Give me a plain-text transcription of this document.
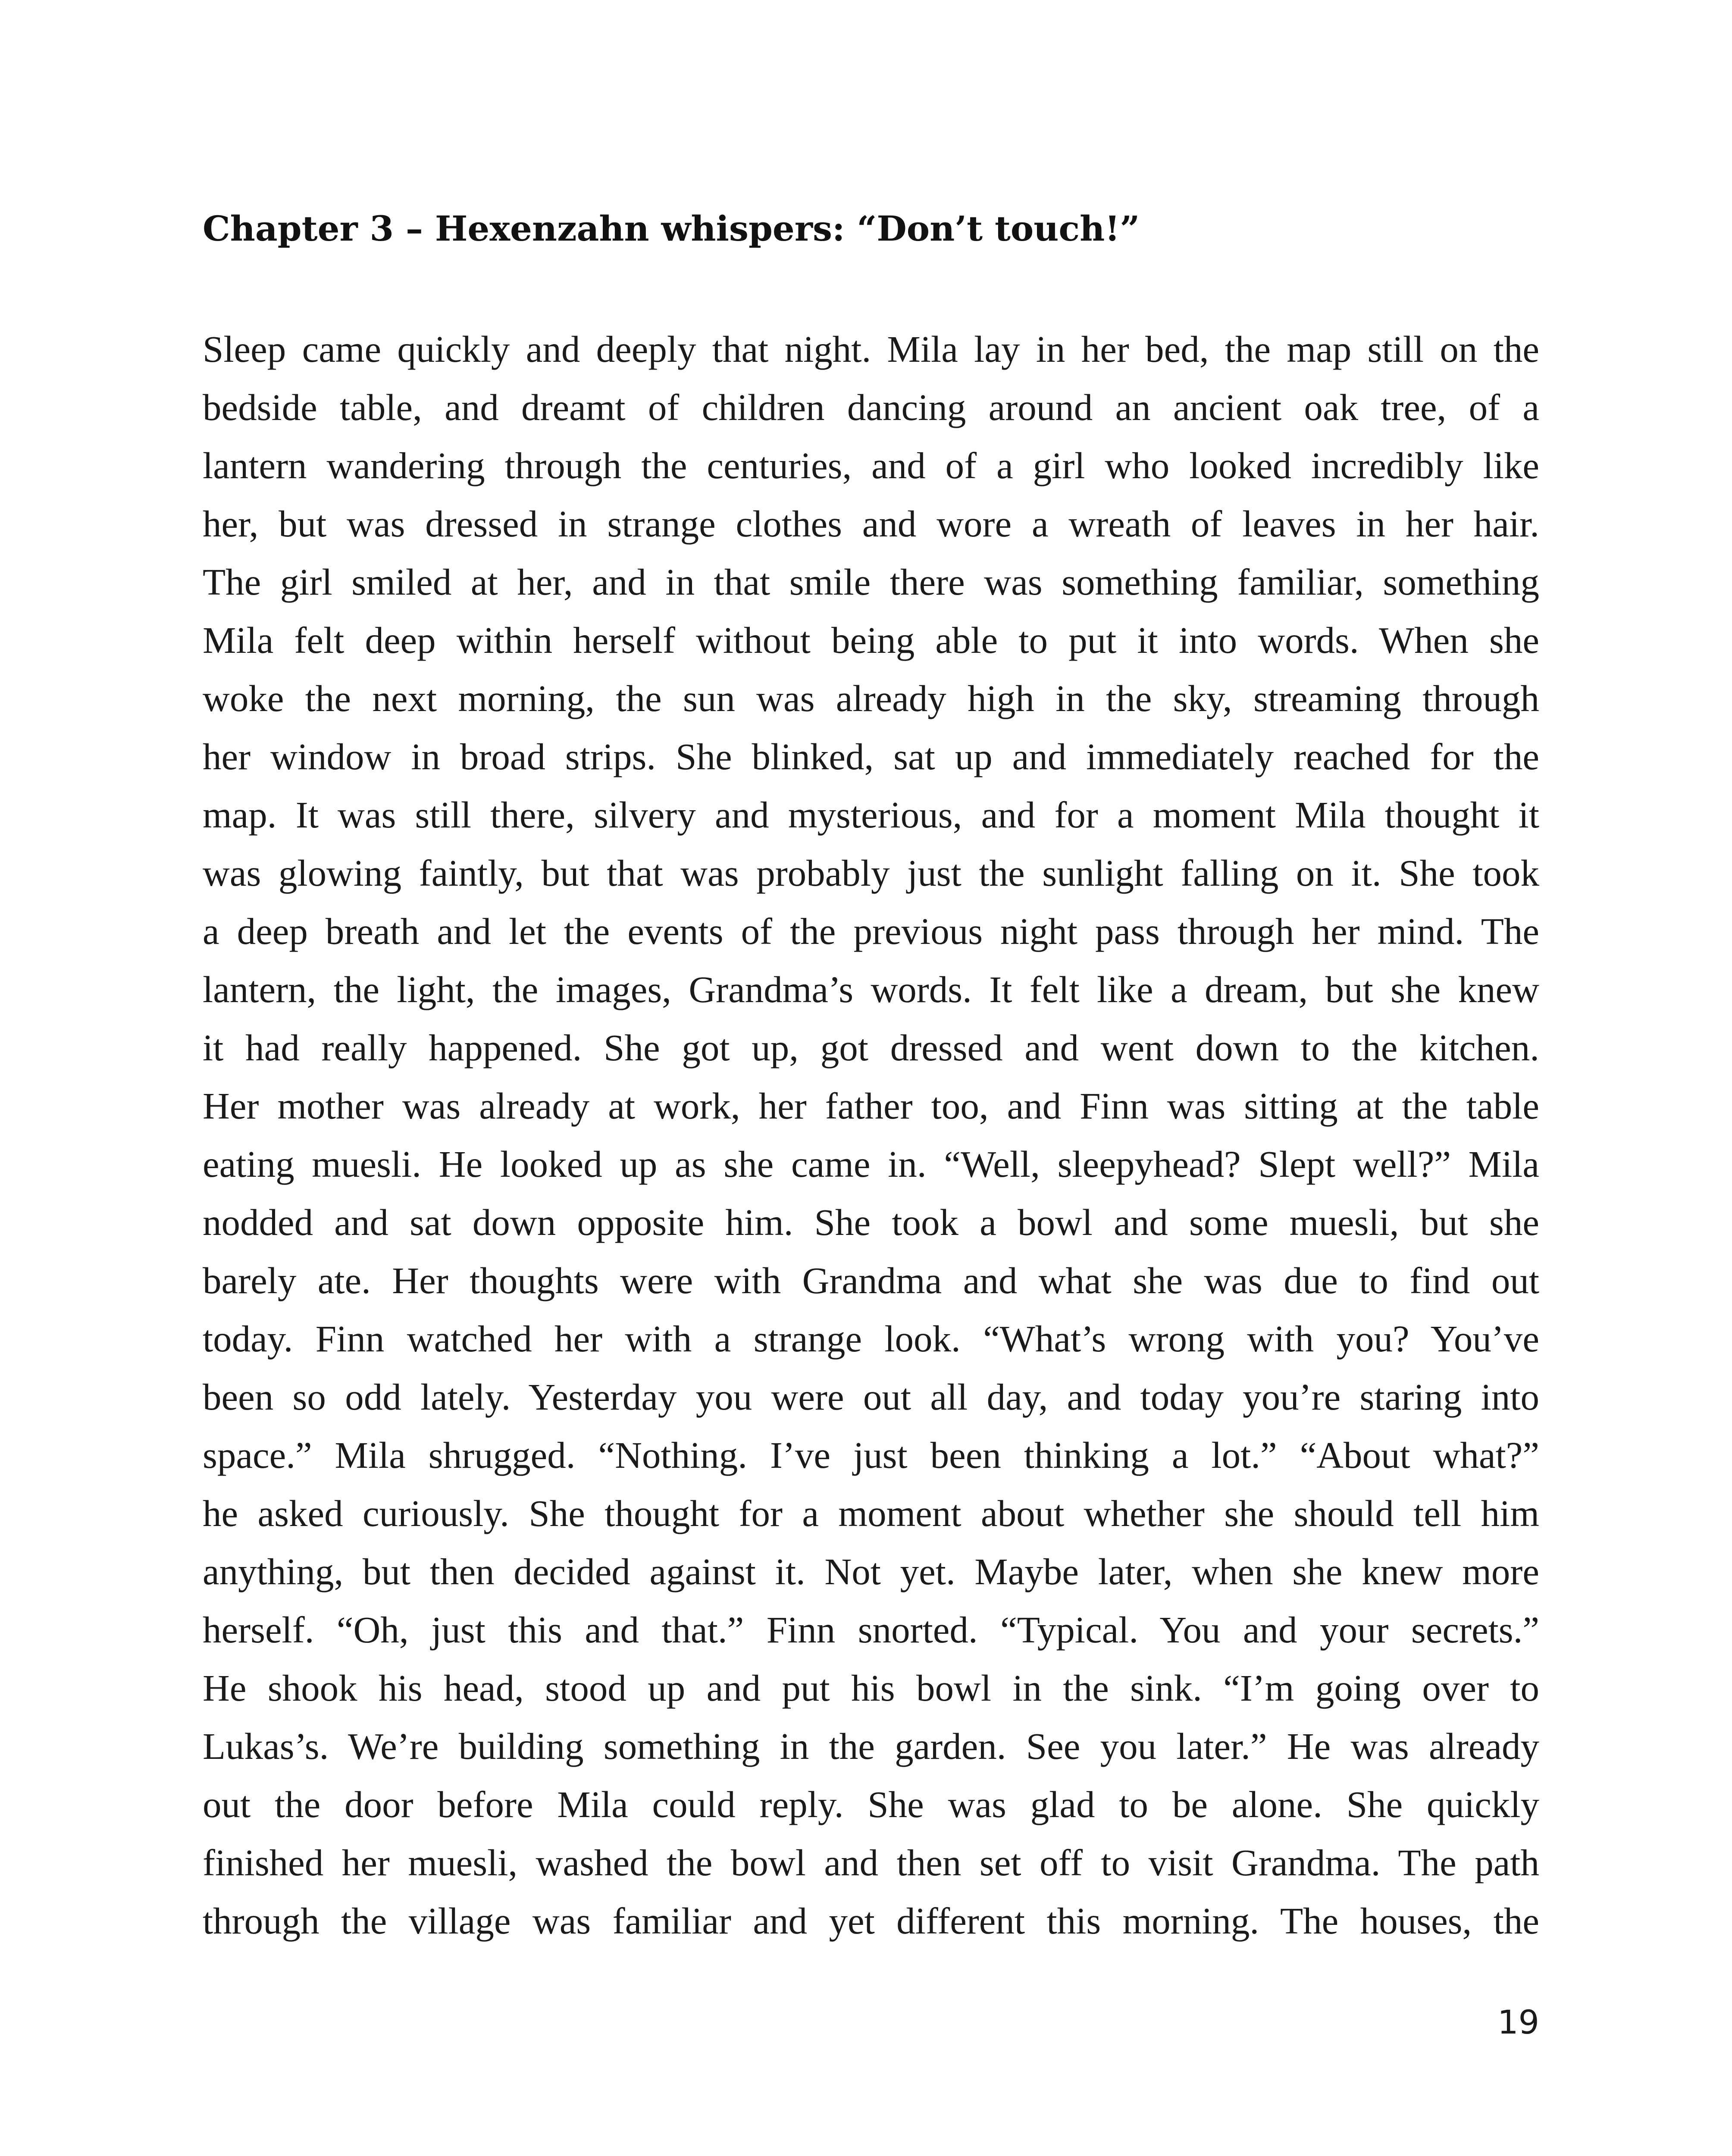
Chapter 3 – Hexenzahn whispers: “Don’t touch!”
Sleep came quickly and deeply that night. Mila lay in her bed, the map still on the
bedside table, and dreamt of children dancing around an ancient oak tree, of a
lantern wandering through the centuries, and of a girl who looked incredibly like
her, but was dressed in strange clothes and wore a wreath of leaves in her hair.
The girl smiled at her, and in that smile there was something familiar, something
Mila felt deep within herself without being able to put it into words. When she
woke the next morning, the sun was already high in the sky, streaming through
her window in broad strips. She blinked, sat up and immediately reached for the
map. It was still there, silvery and mysterious, and for a moment Mila thought it
was glowing faintly, but that was probably just the sunlight falling on it. She took
a deep breath and let the events of the previous night pass through her mind. The
lantern, the light, the images, Grandma’s words. It felt like a dream, but she knew
it had really happened. She got up, got dressed and went down to the kitchen.
Her mother was already at work, her father too, and Finn was sitting at the table
eating muesli. He looked up as she came in. “Well, sleepyhead? Slept well?” Mila
nodded and sat down opposite him. She took a bowl and some muesli, but she
barely ate. Her thoughts were with Grandma and what she was due to find out
today. Finn watched her with a strange look. “What’s wrong with you? You’ve
been so odd lately. Yesterday you were out all day, and today you’re staring into
space.” Mila shrugged. “Nothing. I’ve just been thinking a lot.” “About what?”
he asked curiously. She thought for a moment about whether she should tell him
anything, but then decided against it. Not yet. Maybe later, when she knew more
herself. “Oh, just this and that.” Finn snorted. “Typical. You and your secrets.”
He shook his head, stood up and put his bowl in the sink. “I’m going over to
Lukas’s. We’re building something in the garden. See you later.” He was already
out the door before Mila could reply. She was glad to be alone. She quickly
finished her muesli, washed the bowl and then set off to visit Grandma. The path
through the village was familiar and yet different this morning. The houses, the
19
